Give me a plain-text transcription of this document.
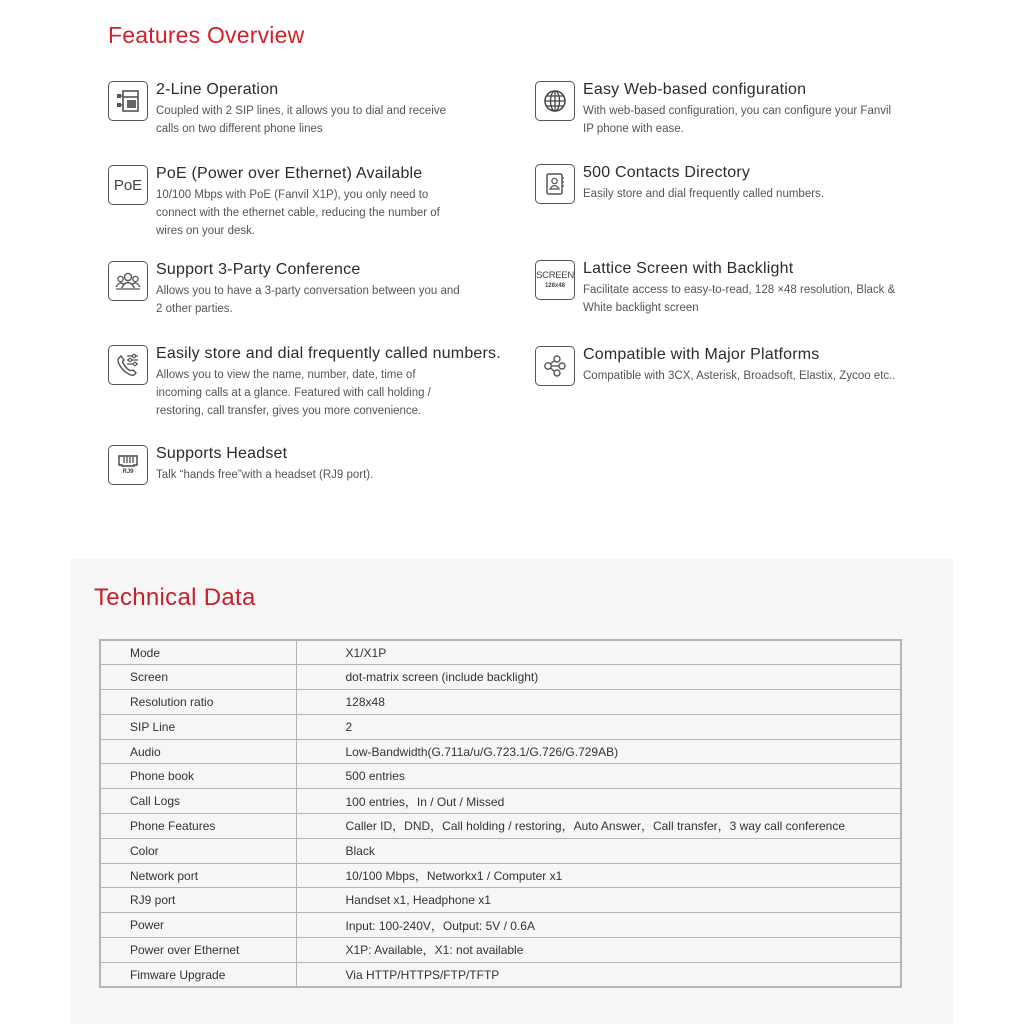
Features Overview
2-Line Operation
Coupled with 2 SIP lines, it allows you to dial and receive
calls on two different phone lines
PoE
PoE (Power over Ethernet) Available
10/100 Mbps with PoE (Fanvil X1P), you only need to
connect with the ethernet cable, reducing the number of
wires on your desk.
Support 3-Party Conference
Allows you to have a 3-party conversation between you and
2 other parties.
Easily store and dial frequently called numbers.
Allows you to view the name, number, date, time of
incoming calls at a glance. Featured with call holding /
restoring, call transfer, gives you more convenience.
RJ9
Supports Headset
Talk “hands free”with a headset (RJ9 port).
Easy Web-based configuration
With web-based configuration, you can configure your Fanvil
IP phone with ease.
500 Contacts Directory
Easily store and dial frequently called numbers.
SCREEN
128x48
Lattice Screen with Backlight
Facilitate access to easy-to-read, 128 ×48 resolution, Black &
White backlight screen
Compatible with Major Platforms
Compatible with 3CX, Asterisk, Broadsoft, Elastix, Zycoo etc..
Technical Data
Mode	X1/X1P
Screen	dot-matrix screen (include backlight)
Resolution ratio	128x48
SIP Line	2
Audio	Low-Bandwidth(G.711a/u/G.723.1/G.726/G.729AB)
Phone book	500 entries
Call Logs	100 entries，In / Out / Missed
Phone Features	Caller ID，DND，Call holding / restoring，Auto Answer，Call transfer，3 way call conference
Color	Black
Network port	10/100 Mbps，Networkx1 / Computer x1
RJ9 port	Handset x1, Headphone x1
Power	Input: 100-240V，Output: 5V / 0.6A
Power over Ethernet	X1P: Available，X1: not available
Fimware Upgrade	Via HTTP/HTTPS/FTP/TFTP
